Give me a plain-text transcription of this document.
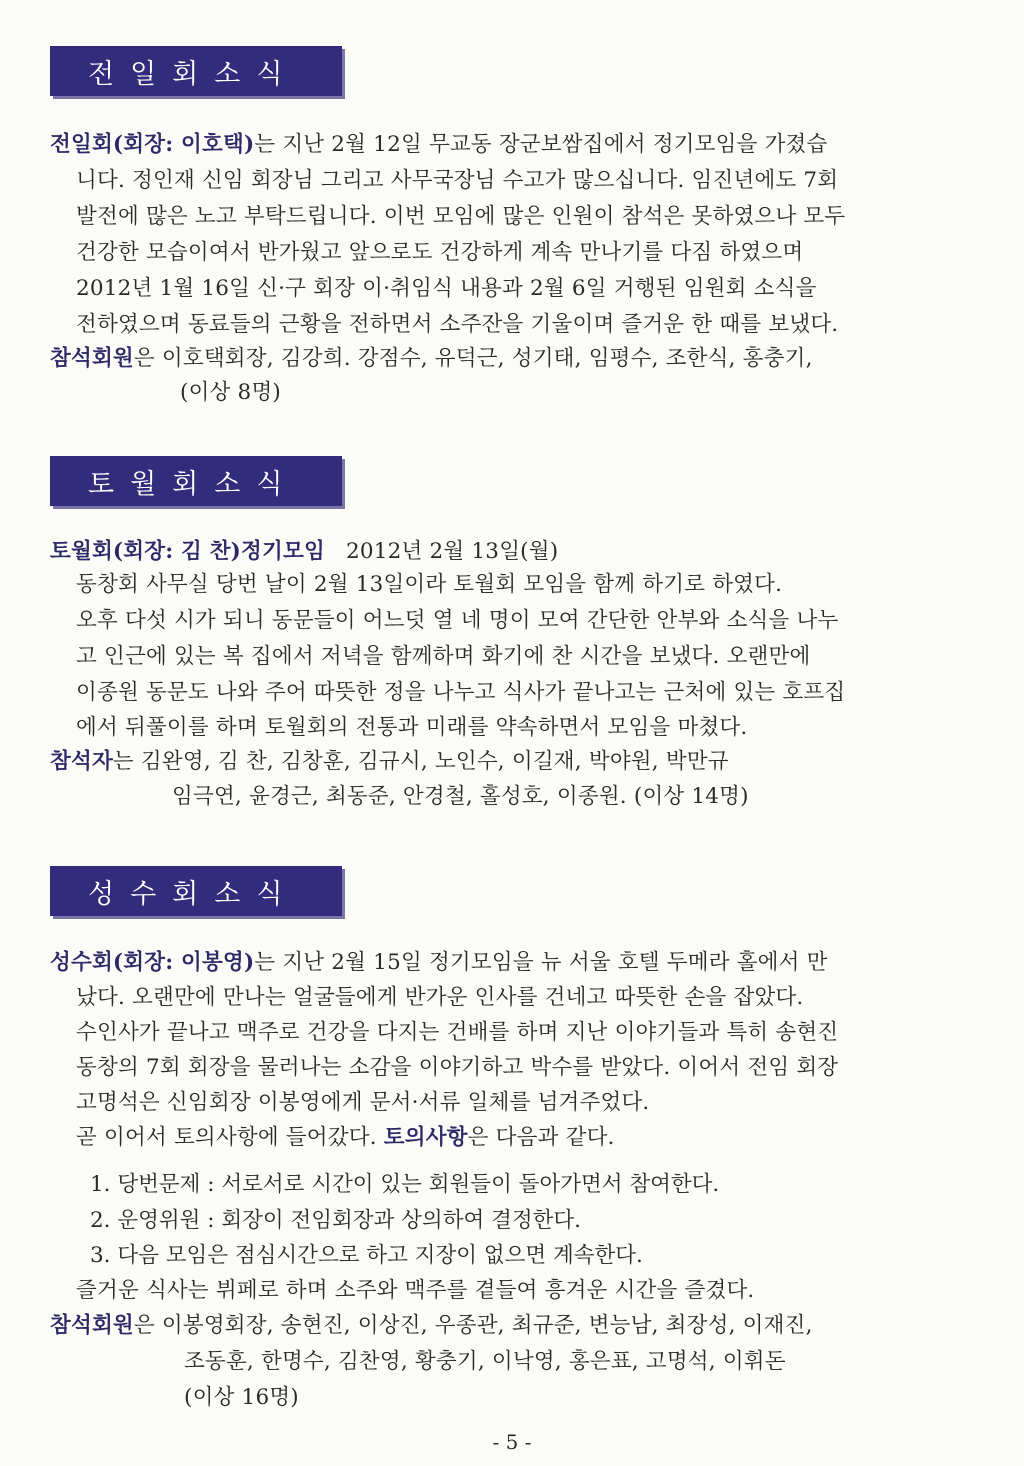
전일회소식
전일회(회장: 이호택)는 지난 2월 12일 무교동 장군보쌈집에서 정기모임을 가졌습
니다. 정인재 신임 회장님 그리고 사무국장님 수고가 많으십니다. 임진년에도 7회
발전에 많은 노고 부탁드립니다. 이번 모임에 많은 인원이 참석은 못하였으나 모두
건강한 모습이여서 반가웠고 앞으로도 건강하게 계속 만나기를 다짐 하였으며
2012년 1월 16일 신·구 회장 이·취임식 내용과 2월 6일 거행된 임원회 소식을
전하였으며 동료들의 근황을 전하면서 소주잔을 기울이며 즐거운 한 때를 보냈다.
참석회원은 이호택회장, 김강희. 강점수, 유덕근, 성기태, 임평수, 조한식, 홍충기,
(이상 8명)
토월회소식
토월회(회장: 김 찬)정기모임 2012년 2월 13일(월)
동창회 사무실 당번 날이 2월 13일이라 토월회 모임을 함께 하기로 하였다.
오후 다섯 시가 되니 동문들이 어느덧 열 네 명이 모여 간단한 안부와 소식을 나누
고 인근에 있는 복 집에서 저녁을 함께하며 화기에 찬 시간을 보냈다. 오랜만에
이종원 동문도 나와 주어 따뜻한 정을 나누고 식사가 끝나고는 근처에 있는 호프집
에서 뒤풀이를 하며 토월회의 전통과 미래를 약속하면서 모임을 마쳤다.
참석자는 김완영, 김 찬, 김창훈, 김규시, 노인수, 이길재, 박야원, 박만규
임극연, 윤경근, 최동준, 안경철, 홀성호, 이종원. (이상 14명)
성수회소식
성수회(회장: 이봉영)는 지난 2월 15일 정기모임을 뉴 서울 호텔 두메라 홀에서 만
났다. 오랜만에 만나는 얼굴들에게 반가운 인사를 건네고 따뜻한 손을 잡았다.
수인사가 끝나고 맥주로 건강을 다지는 건배를 하며 지난 이야기들과 특히 송현진
동창의 7회 회장을 물러나는 소감을 이야기하고 박수를 받았다. 이어서 전임 회장
고명석은 신임회장 이봉영에게 문서·서류 일체를 넘겨주었다.
곧 이어서 토의사항에 들어갔다. 토의사항은 다음과 같다.
1. 당번문제 : 서로서로 시간이 있는 회원들이 돌아가면서 참여한다.
2. 운영위원 : 회장이 전임회장과 상의하여 결정한다.
3. 다음 모임은 점심시간으로 하고 지장이 없으면 계속한다.
즐거운 식사는 뷔페로 하며 소주와 맥주를 곁들여 흥겨운 시간을 즐겼다.
참석회원은 이봉영회장, 송현진, 이상진, 우종관, 최규준, 변능남, 최장성, 이재진,
조동훈, 한명수, 김찬영, 황충기, 이낙영, 홍은표, 고명석, 이휘돈
(이상 16명)
- 5 -
